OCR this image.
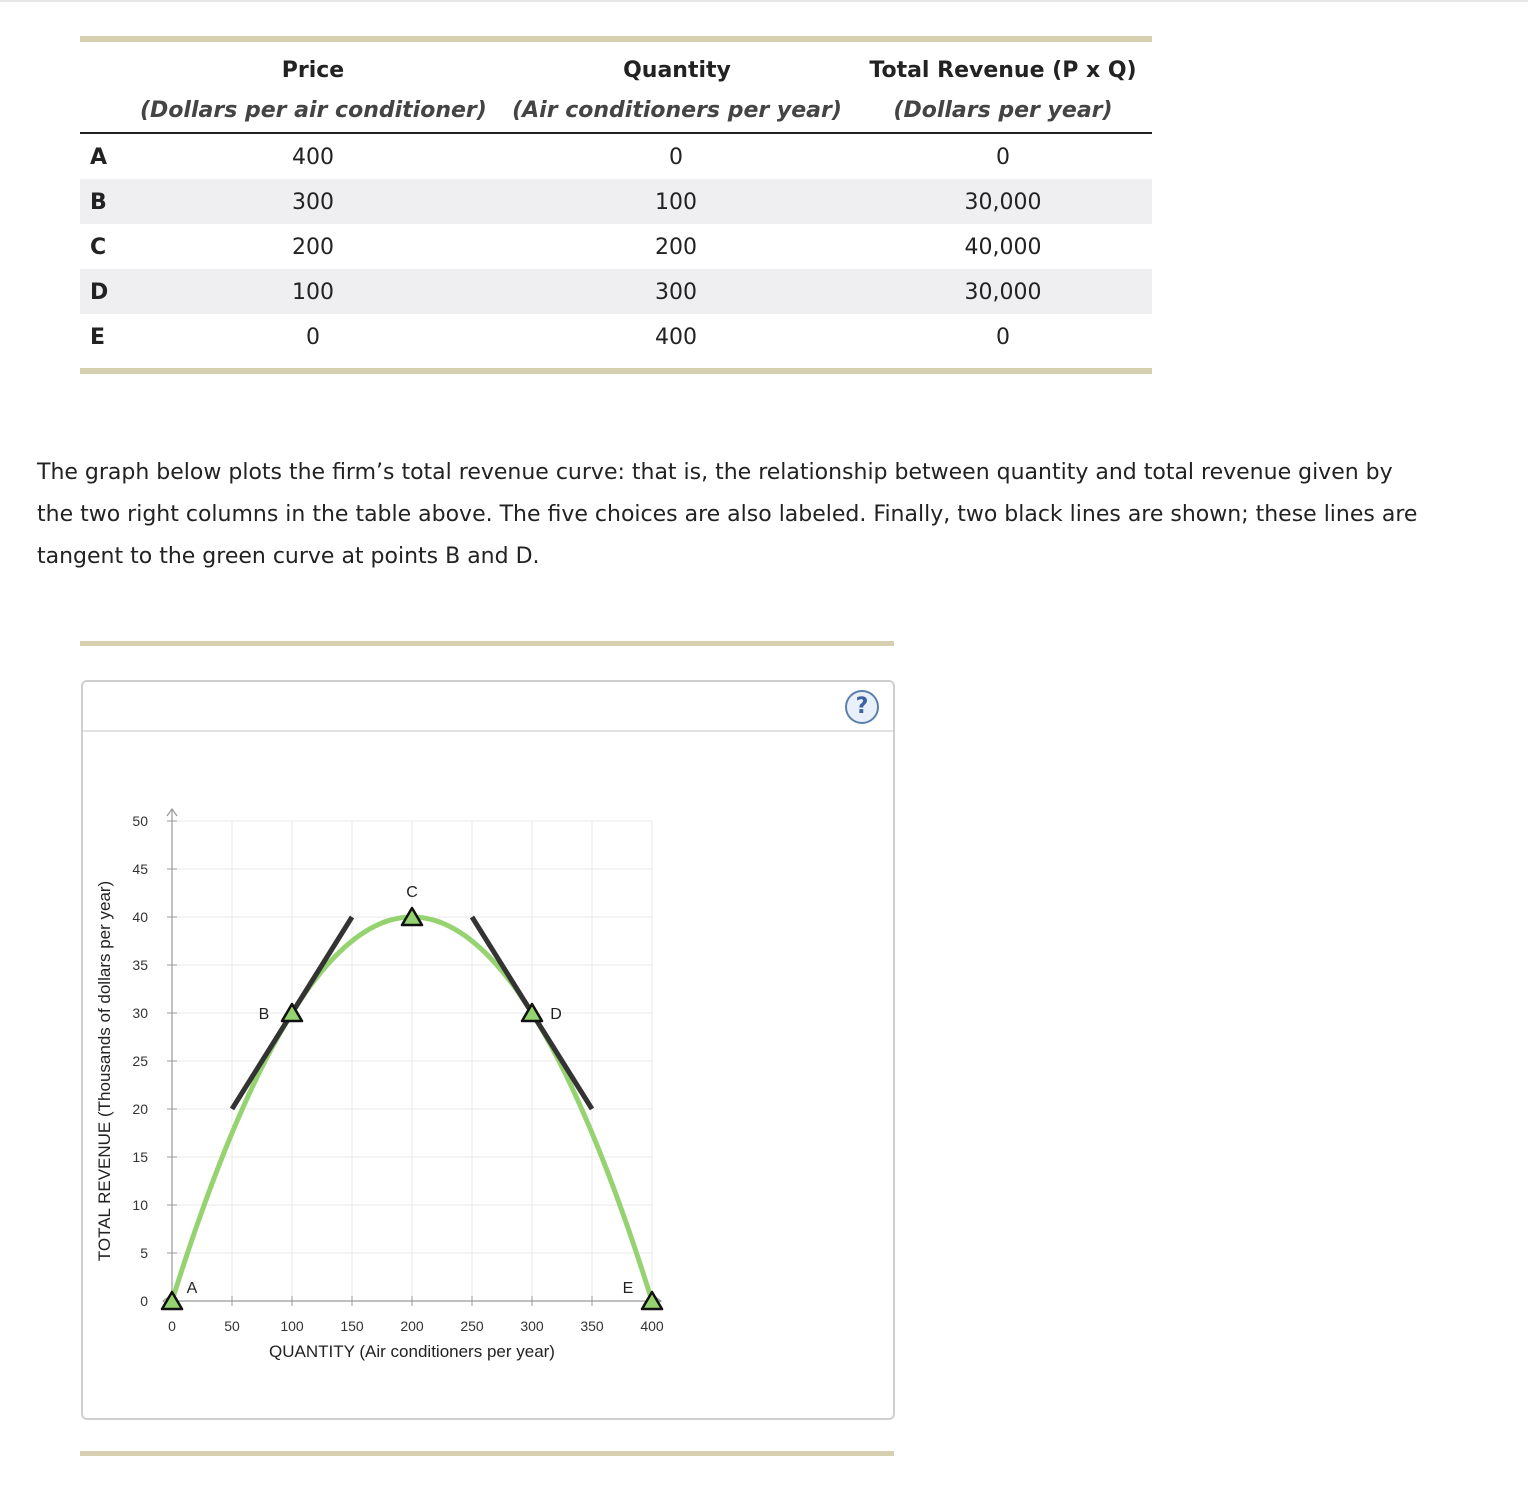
Price
(Dollars per air conditioner)
Quantity
(Air conditioners per year)
Total Revenue (P x Q)
(Dollars per year)
A	400	0	0
B	300	100	30,000
C	200	200	40,000
D	100	300	30,000
E	0	400	0
The graph below plots the firm’s total revenue curve: that is, the relationship between quantity and total revenue given by
the two right columns in the table above. The five choices are also labeled. Finally, two black lines are shown; these lines are
tangent to the green curve at points B and D.
?
0	50	100	150	200	250	300	350	400
0
5
10
15
20
25
30
35
40
45
50
QUANTITY (Air conditioners per year)
TOTAL REVENUE (Thousands of dollars per year)
A
B
C
D
E
